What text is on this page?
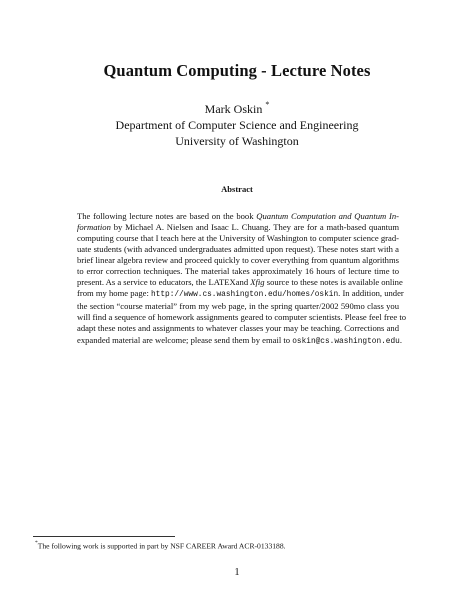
Quantum Computing - Lecture Notes
Mark Oskin *
Department of Computer Science and Engineering
University of Washington
Abstract
The following lecture notes are based on the book Quantum Computation and Quantum In-
formation by Michael A. Nielsen and Isaac L. Chuang. They are for a math-based quantum
computing course that I teach here at the University of Washington to computer science grad-
uate students (with advanced undergraduates admitted upon request). These notes start with a
brief linear algebra review and proceed quickly to cover everything from quantum algorithms
to error correction techniques. The material takes approximately 16 hours of lecture time to
present. As a service to educators, the LATEXand Xfig source to these notes is available online
from my home page: http://www.cs.washington.edu/homes/oskin. In addition, under
the section “course material” from my web page, in the spring quarter/2002 590mo class you
will find a sequence of homework assignments geared to computer scientists. Please feel free to
adapt these notes and assignments to whatever classes your may be teaching. Corrections and
expanded material are welcome; please send them by email to oskin@cs.washington.edu.
*The following work is supported in part by NSF CAREER Award ACR-0133188.
1
